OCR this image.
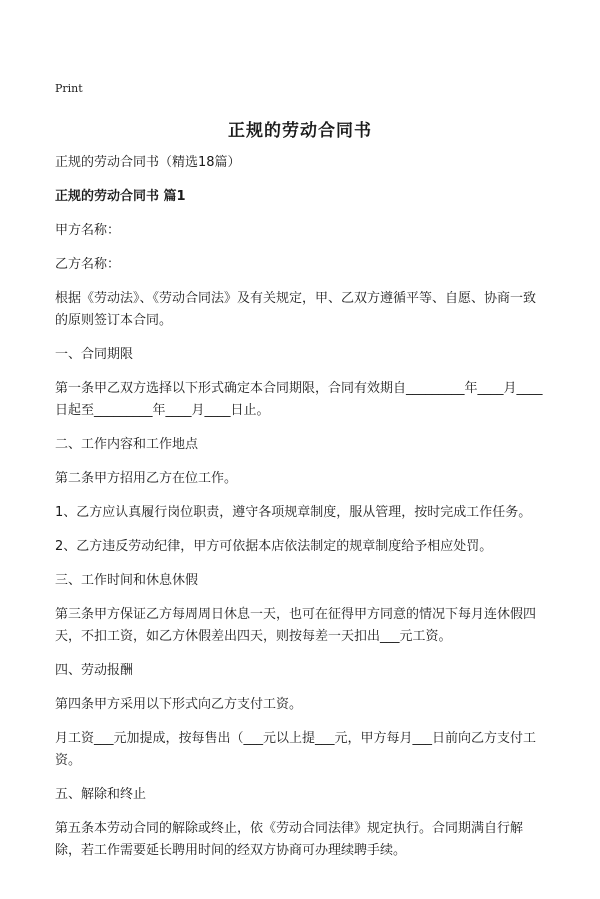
Print
正规的劳动合同书

正规的劳动合同书（精选18篇）

正规的劳动合同书 篇1

甲方名称：

乙方名称：

根据《劳动法》、《劳动合同法》及有关规定，甲、乙双方遵循平等、自愿、协商一致的原则签订本合同。

一、合同期限

第一条甲乙双方选择以下形式确定本合同期限，合同有效期自_________年____月____日起至_________年____月____日止。

二、工作内容和工作地点

第二条甲方招用乙方在位工作。

1、乙方应认真履行岗位职责，遵守各项规章制度，服从管理，按时完成工作任务。

2、乙方违反劳动纪律，甲方可依据本店依法制定的规章制度给予相应处罚。

三、工作时间和休息休假

第三条甲方保证乙方每周周日休息一天，也可在征得甲方同意的情况下每月连休假四天，不扣工资，如乙方休假差出四天，则按每差一天扣出___元工资。

四、劳动报酬

第四条甲方采用以下形式向乙方支付工资。

月工资___元加提成，按每售出（___元以上提___元，甲方每月___日前向乙方支付工资。

五、解除和终止

第五条本劳动合同的解除或终止，依《劳动合同法律》规定执行。合同期满自行解除，若工作需要延长聘用时间的经双方协商可办理续聘手续。
